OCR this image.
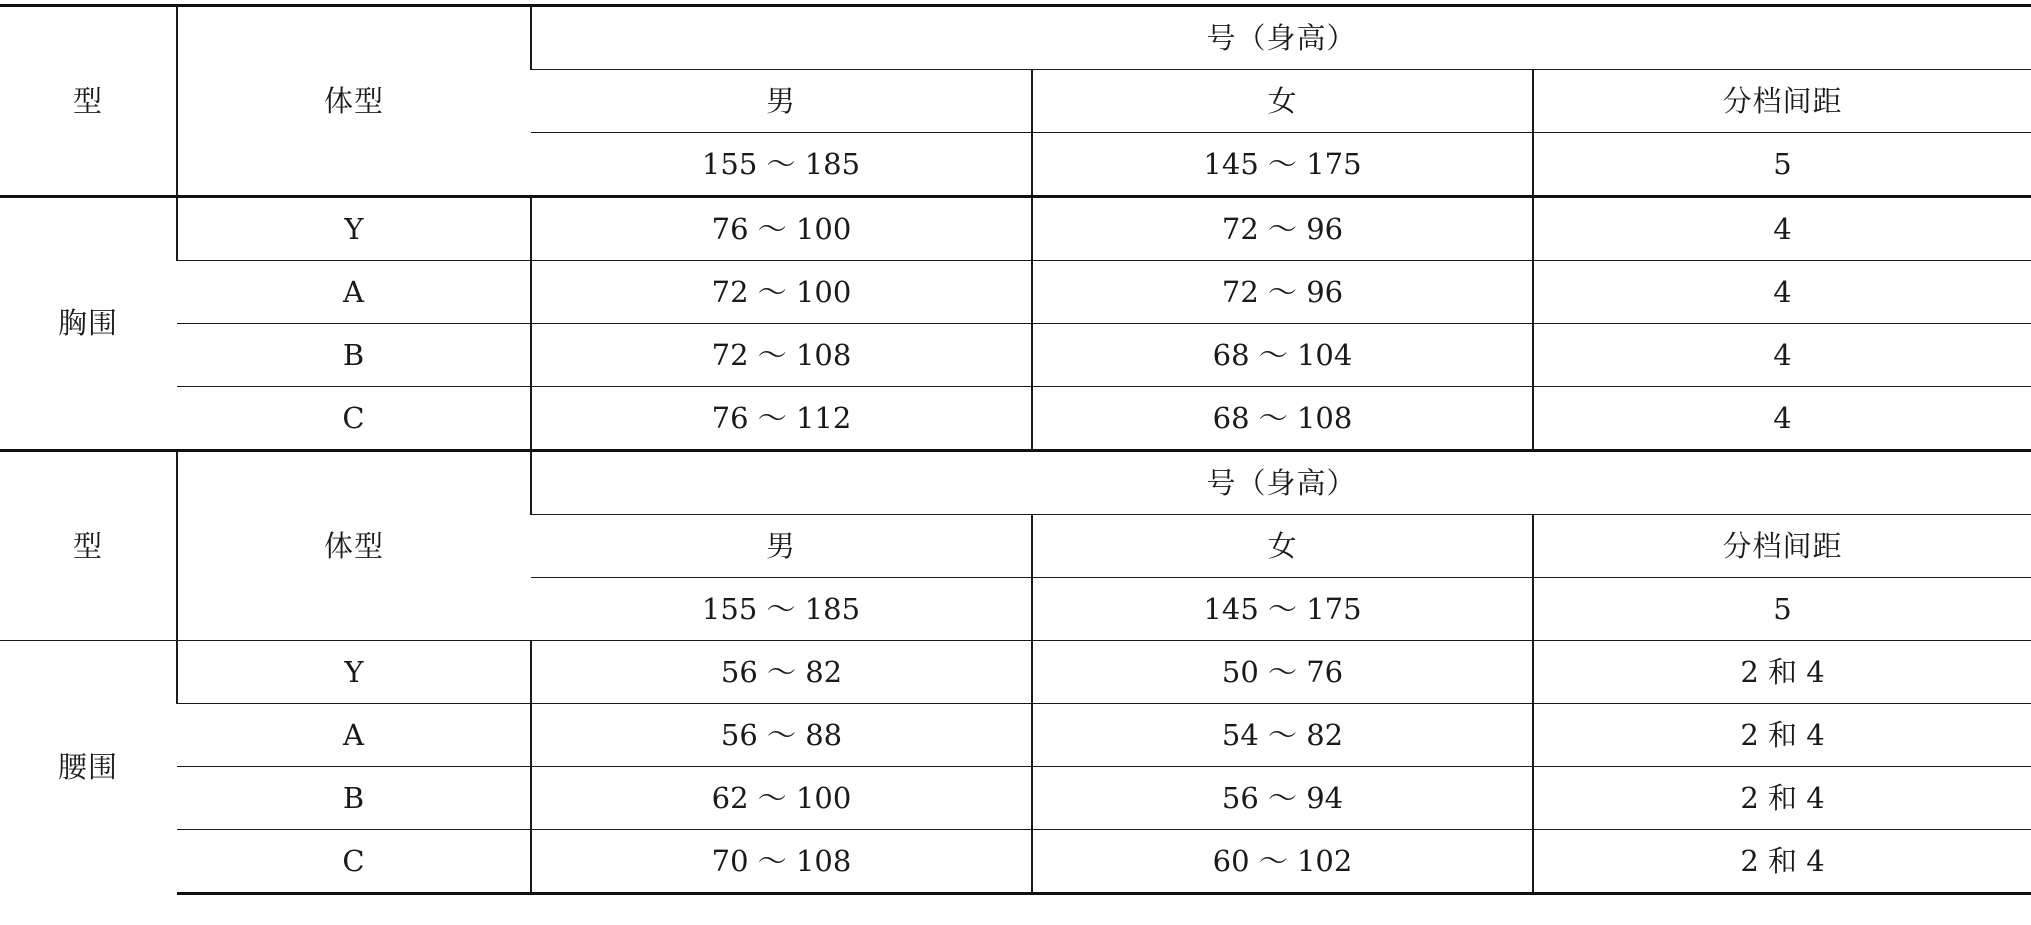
型	体型	号（身高）		
		男	女	分档间距
		155 ～ 185	145 ～ 175	5
胸围	Y	76 ～ 100	72 ～ 96	4
	A	72 ～ 100	72 ～ 96	4
	B	72 ～ 108	68 ～ 104	4
	C	76 ～ 112	68 ～ 108	4
型	体型	号（身高）		
		男	女	分档间距
		155 ～ 185	145 ～ 175	5
腰围	Y	56 ～ 82	50 ～ 76	2 和 4
	A	56 ～ 88	54 ～ 82	2 和 4
	B	62 ～ 100	56 ～ 94	2 和 4
	C	70 ～ 108	60 ～ 102	2 和 4
